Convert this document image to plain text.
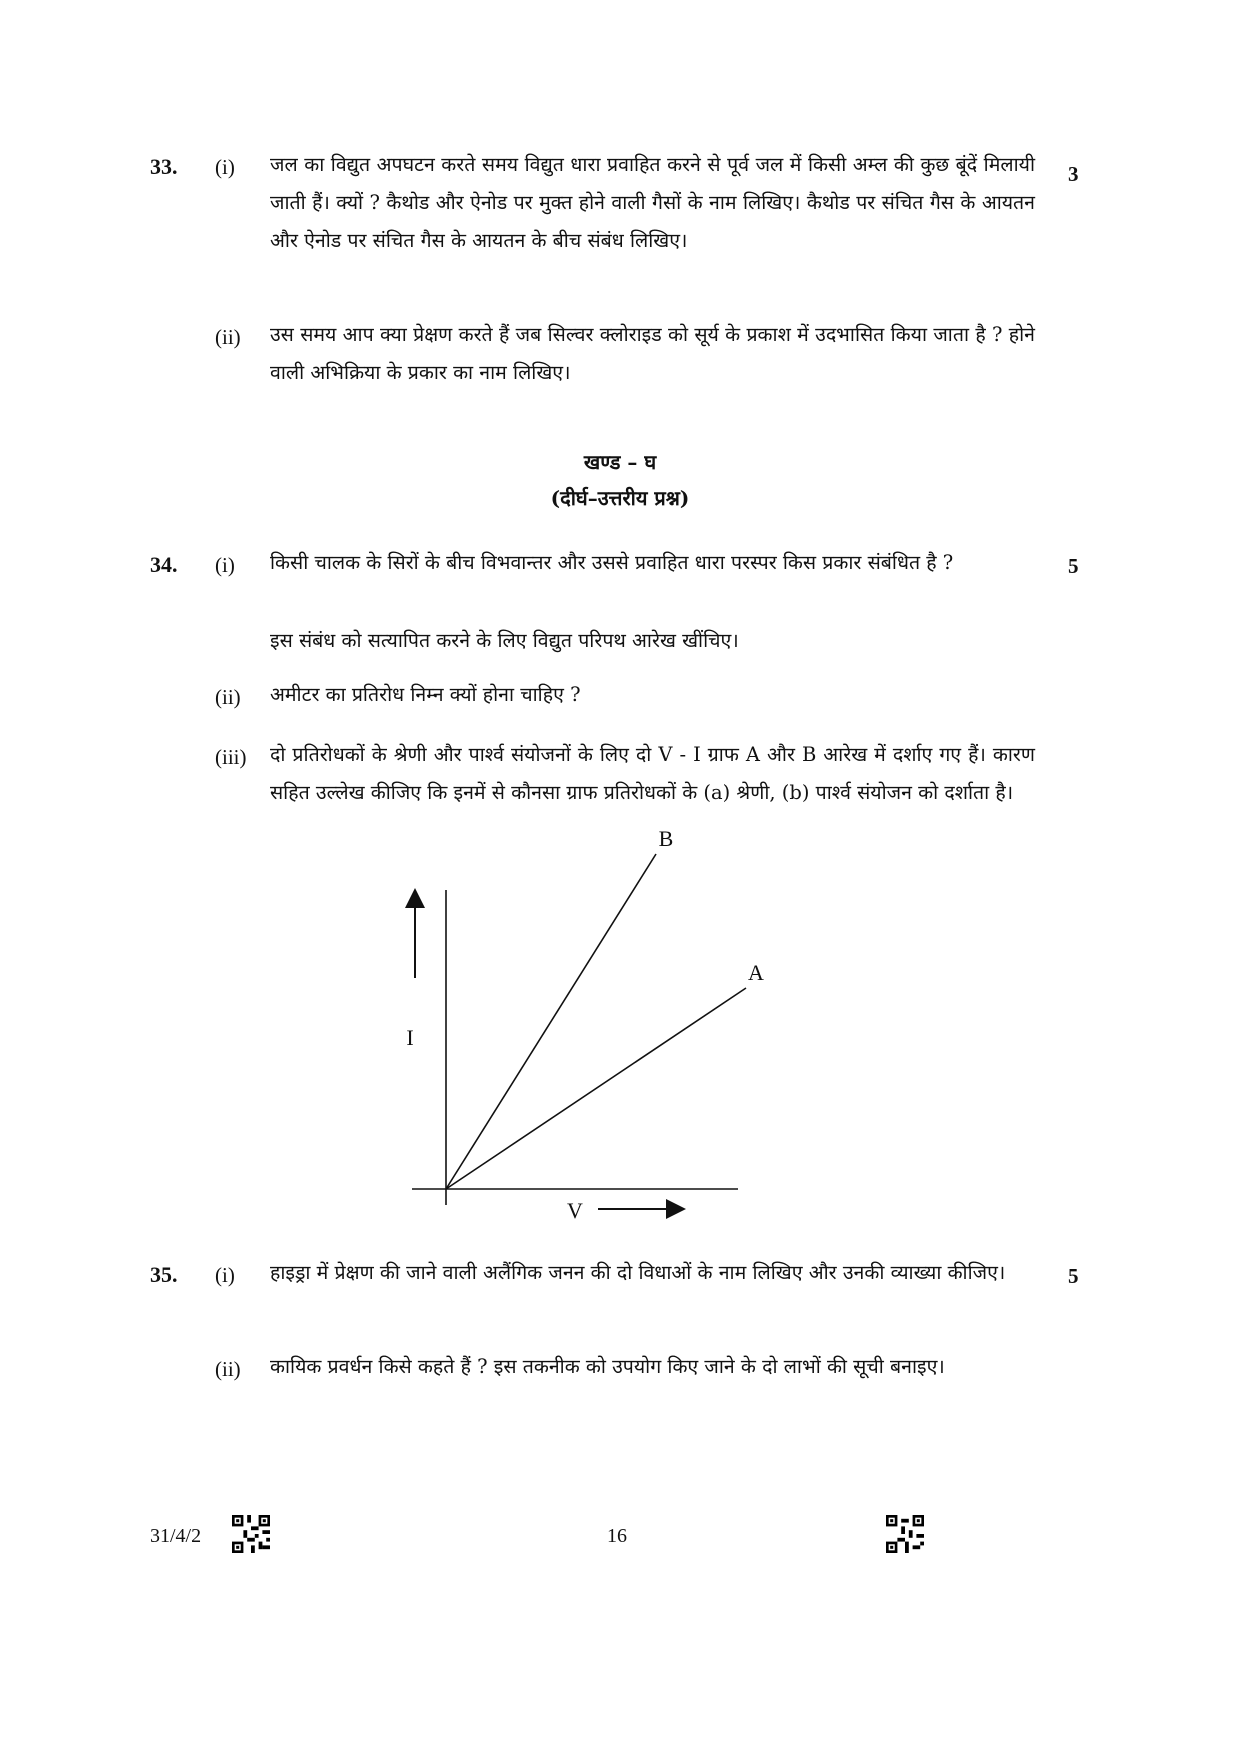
33. (i) जल का विद्युत अपघटन करते समय विद्युत धारा प्रवाहित करने से पूर्व जल में किसी अम्ल की कुछ बूंदें मिलायी जाती हैं। क्यों ? कैथोड और ऐनोड पर मुक्त होने वाली गैसों के नाम लिखिए। कैथोड पर संचित गैस के आयतन और ऐनोड पर संचित गैस के आयतन के बीच संबंध लिखिए।
3
(ii) उस समय आप क्या प्रेक्षण करते हैं जब सिल्वर क्लोराइड को सूर्य के प्रकाश में उदभासित किया जाता है ? होने वाली अभिक्रिया के प्रकार का नाम लिखिए।
खण्ड – घ
(दीर्घ–उत्तरीय प्रश्न)
34. (i) किसी चालक के सिरों के बीच विभवान्तर और उससे प्रवाहित धारा परस्पर किस प्रकार संबंधित है ?
इस संबंध को सत्यापित करने के लिए विद्युत परिपथ आरेख खींचिए।
5
(ii) अमीटर का प्रतिरोध निम्न क्यों होना चाहिए ?
(iii) दो प्रतिरोधकों के श्रेणी और पार्श्व संयोजनों के लिए दो V - I ग्राफ A और B आरेख में दर्शाए गए हैं। कारण सहित उल्लेख कीजिए कि इनमें से कौनसा ग्राफ प्रतिरोधकों के (a) श्रेणी, (b) पार्श्व संयोजन को दर्शाता है।
I
V
B
A
35. (i) हाइड्रा में प्रेक्षण की जाने वाली अलैंगिक जनन की दो विधाओं के नाम लिखिए और उनकी व्याख्या कीजिए।	5
(ii) कायिक प्रवर्धन किसे कहते हैं ? इस तकनीक को उपयोग किए जाने के दो लाभों की सूची बनाइए।
31/4/2	16
